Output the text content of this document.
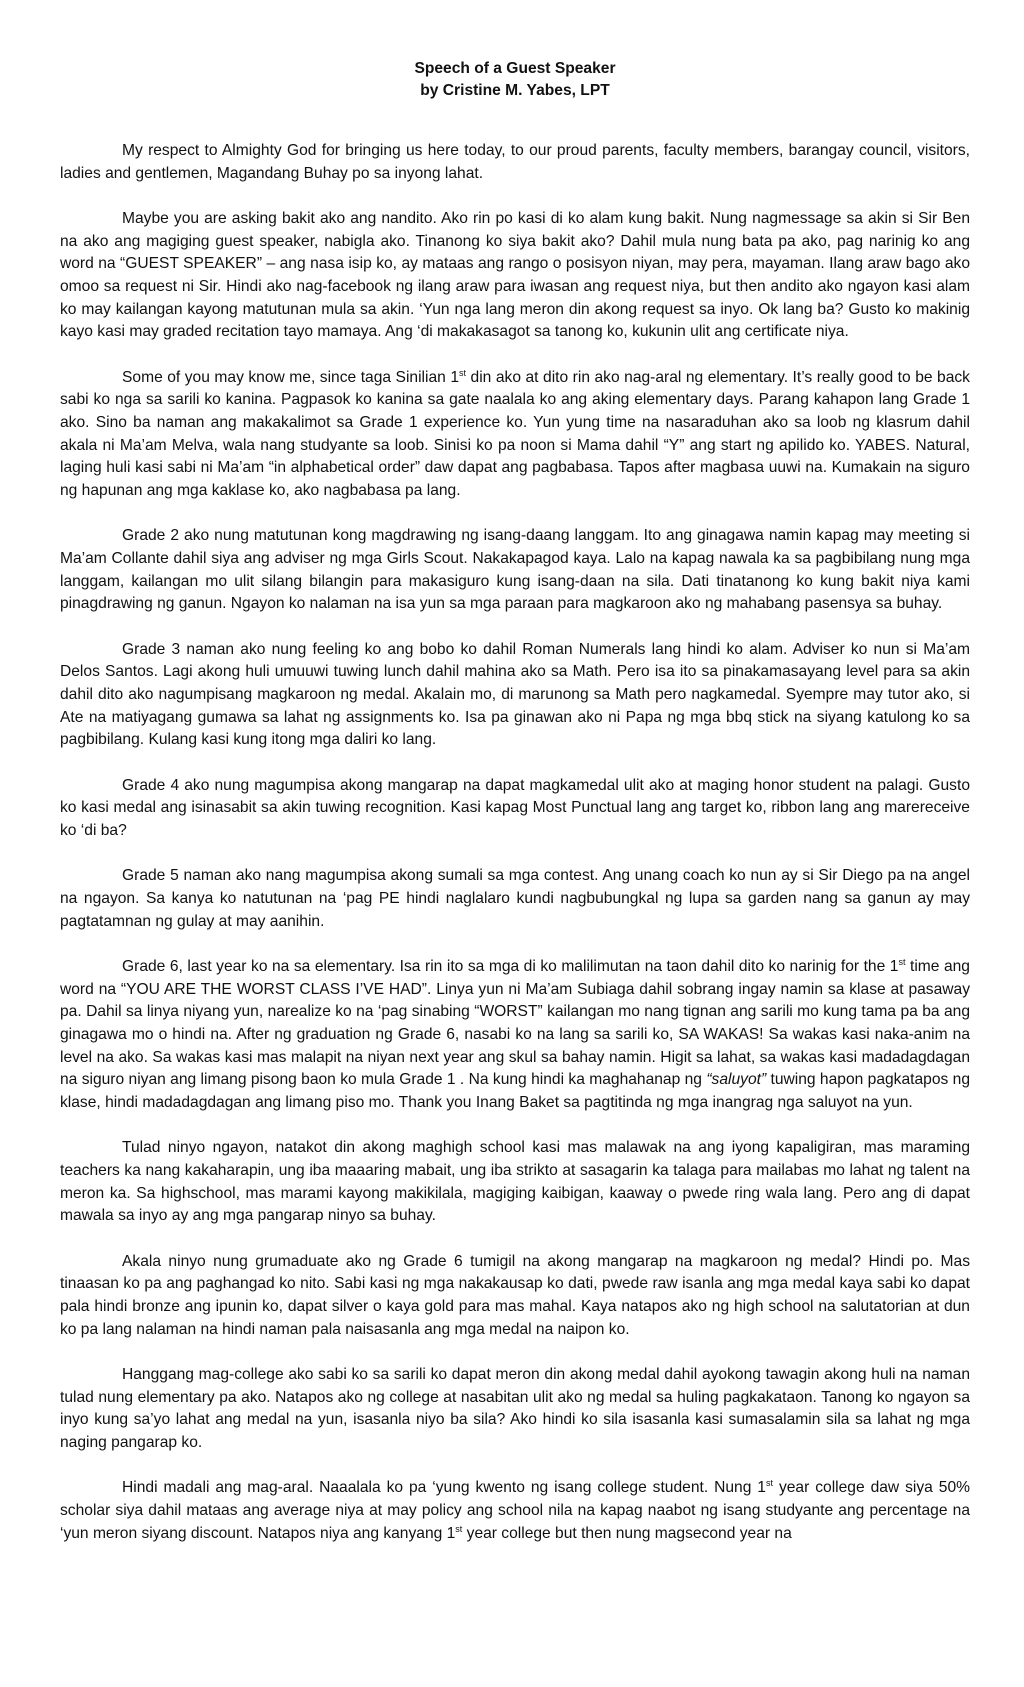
Speech of a Guest Speaker
by Cristine M. Yabes, LPT

My respect to Almighty God for bringing us here today, to our proud parents, faculty members, barangay council, visitors, ladies and gentlemen, Magandang Buhay po sa inyong lahat.

Maybe you are asking bakit ako ang nandito. Ako rin po kasi di ko alam kung bakit. Nung nagmessage sa akin si Sir Ben na ako ang magiging guest speaker, nabigla ako. Tinanong ko siya bakit ako? Dahil mula nung bata pa ako, pag narinig ko ang word na “GUEST SPEAKER” – ang nasa isip ko, ay mataas ang rango o posisyon niyan, may pera, mayaman. Ilang araw bago ako omoo sa request ni Sir. Hindi ako nag-facebook ng ilang araw para iwasan ang request niya, but then andito ako ngayon kasi alam ko may kailangan kayong matutunan mula sa akin. ‘Yun nga lang meron din akong request sa inyo. Ok lang ba? Gusto ko makinig kayo kasi may graded recitation tayo mamaya. Ang ‘di makakasagot sa tanong ko, kukunin ulit ang certificate niya.

Some of you may know me, since taga Sinilian 1st din ako at dito rin ako nag-aral ng elementary. It’s really good to be back sabi ko nga sa sarili ko kanina. Pagpasok ko kanina sa gate naalala ko ang aking elementary days. Parang kahapon lang Grade 1 ako. Sino ba naman ang makakalimot sa Grade 1 experience ko. Yun yung time na nasaraduhan ako sa loob ng klasrum dahil akala ni Ma’am Melva, wala nang studyante sa loob. Sinisi ko pa noon si Mama dahil “Y” ang start ng apilido ko. YABES. Natural, laging huli kasi sabi ni Ma’am “in alphabetical order” daw dapat ang pagbabasa. Tapos after magbasa uuwi na. Kumakain na siguro ng hapunan ang mga kaklase ko, ako nagbabasa pa lang.

Grade 2 ako nung matutunan kong magdrawing ng isang-daang langgam. Ito ang ginagawa namin kapag may meeting si Ma’am Collante dahil siya ang adviser ng mga Girls Scout. Nakakapagod kaya. Lalo na kapag nawala ka sa pagbibilang nung mga langgam, kailangan mo ulit silang bilangin para makasiguro kung isang-daan na sila. Dati tinatanong ko kung bakit niya kami pinagdrawing ng ganun. Ngayon ko nalaman na isa yun sa mga paraan para magkaroon ako ng mahabang pasensya sa buhay.

Grade 3 naman ako nung feeling ko ang bobo ko dahil Roman Numerals lang hindi ko alam. Adviser ko nun si Ma’am Delos Santos. Lagi akong huli umuuwi tuwing lunch dahil mahina ako sa Math. Pero isa ito sa pinakamasayang level para sa akin dahil dito ako nagumpisang magkaroon ng medal. Akalain mo, di marunong sa Math pero nagkamedal. Syempre may tutor ako, si Ate na matiyagang gumawa sa lahat ng assignments ko. Isa pa ginawan ako ni Papa ng mga bbq stick na siyang katulong ko sa pagbibilang. Kulang kasi kung itong mga daliri ko lang.

Grade 4 ako nung magumpisa akong mangarap na dapat magkamedal ulit ako at maging honor student na palagi. Gusto ko kasi medal ang isinasabit sa akin tuwing recognition. Kasi kapag Most Punctual lang ang target ko, ribbon lang ang marereceive ko ‘di ba?

Grade 5 naman ako nang magumpisa akong sumali sa mga contest. Ang unang coach ko nun ay si Sir Diego pa na angel na ngayon. Sa kanya ko natutunan na ‘pag PE hindi naglalaro kundi nagbubungkal ng lupa sa garden nang sa ganun ay may pagtatamnan ng gulay at may aanihin.

Grade 6, last year ko na sa elementary. Isa rin ito sa mga di ko malilimutan na taon dahil dito ko narinig for the 1st time ang word na “YOU ARE THE WORST CLASS I’VE HAD”. Linya yun ni Ma’am Subiaga dahil sobrang ingay namin sa klase at pasaway pa. Dahil sa linya niyang yun, narealize ko na ‘pag sinabing “WORST” kailangan mo nang tignan ang sarili mo kung tama pa ba ang ginagawa mo o hindi na. After ng graduation ng Grade 6, nasabi ko na lang sa sarili ko, SA WAKAS! Sa wakas kasi naka-anim na level na ako. Sa wakas kasi mas malapit na niyan next year ang skul sa bahay namin. Higit sa lahat, sa wakas kasi madadagdagan na siguro niyan ang limang pisong baon ko mula Grade 1 . Na kung hindi ka maghahanap ng “saluyot” tuwing hapon pagkatapos ng klase, hindi madadagdagan ang limang piso mo. Thank you Inang Baket sa pagtitinda ng mga inangrag nga saluyot na yun.

Tulad ninyo ngayon, natakot din akong maghigh school kasi mas malawak na ang iyong kapaligiran, mas maraming teachers ka nang kakaharapin, ung iba maaaring mabait, ung iba strikto at sasagarin ka talaga para mailabas mo lahat ng talent na meron ka. Sa highschool, mas marami kayong makikilala, magiging kaibigan, kaaway o pwede ring wala lang. Pero ang di dapat mawala sa inyo ay ang mga pangarap ninyo sa buhay.

Akala ninyo nung grumaduate ako ng Grade 6 tumigil na akong mangarap na magkaroon ng medal? Hindi po. Mas tinaasan ko pa ang paghangad ko nito. Sabi kasi ng mga nakakausap ko dati, pwede raw isanla ang mga medal kaya sabi ko dapat pala hindi bronze ang ipunin ko, dapat silver o kaya gold para mas mahal. Kaya natapos ako ng high school na salutatorian at dun ko pa lang nalaman na hindi naman pala naisasanla ang mga medal na naipon ko.

Hanggang mag-college ako sabi ko sa sarili ko dapat meron din akong medal dahil ayokong tawagin akong huli na naman tulad nung elementary pa ako. Natapos ako ng college at nasabitan ulit ako ng medal sa huling pagkakataon. Tanong ko ngayon sa inyo kung sa’yo lahat ang medal na yun, isasanla niyo ba sila? Ako hindi ko sila isasanla kasi sumasalamin sila sa lahat ng mga naging pangarap ko.

Hindi madali ang mag-aral. Naaalala ko pa ‘yung kwento ng isang college student. Nung 1st year college daw siya 50% scholar siya dahil mataas ang average niya at may policy ang school nila na kapag naabot ng isang studyante ang percentage na ‘yun meron siyang discount. Natapos niya ang kanyang 1st year college but then nung magsecond year na
